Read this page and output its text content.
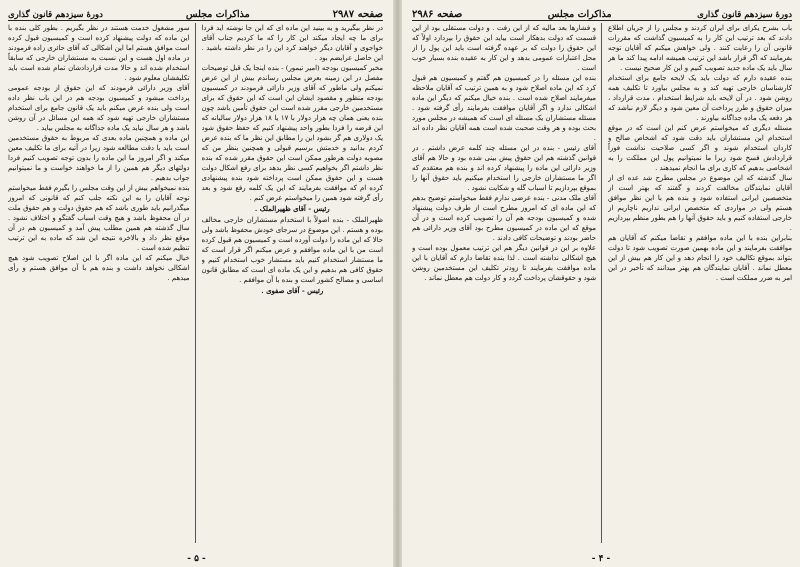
صفحه ۲۹۸۷
مذاکرات مجلس
دورهٔ سیزدهم قانون گذاری

در نظر بیگیرید و به بینید این ماده ای که این جا نوشته اید فردا برای ما چه ایجاد میکند این کار را که ما کردیم جناب آقای خواجوی و آقایان دیگر خواهند کرد این را در نظر داشته باشید . این حاصل عرایضم بود .

مخبر کمیسیون بودجه (امیر تیمور) - بنده اینجا یک قبل توضیحات مفصل در این زمینه بعرض مجلس رساندم بیش از این عرض نمیکنم ولی ماطور که آقای وزیر دارائی فرمودند در کمیسیون بودجه منظور و مقصود ایشان این است که این حقوق که برای مستخدمین خارجی مقرر شده است این حقوق تأمین باشد چون بنده یعنی همان چه هزار دولار با ۱۷ یا ۱۸ هزار دولار سالیانه که این قرضه را فردا بطور واحد پیشنهاد کنیم که حفظ حقوق شود یک دولاری هم گر بشود این را مطابق این نظر ما که بنده عرض کردم بدانید و خدمتش برسیم قبولی و همچنین بنظر من که مصوبه دولت هرطور ممکن است این حقوق مقرر شده که بنده نظر داشتم اگر بخواهیم کسی نظر بدهد برای رفع اشکال دولت هست و این حقوق ممکن است پرداخته شود بنده پیشنهادی کرده ام که موافقت بفرمایند که این یک کلمه رفع شود و بعد رأی گرفته شود همین را میخواستم عرض کنم .

رئیس - آقای ظهیرالملک .

ظهیرالملک - بنده اصولاً با استخدام مستشاران خارجی مخالف بوده و هستم . این موضوع در سرجای خودش محفوظ باشد ولی حالا که این ماده را دولت آورده است و کمیسیون هم قبول کرده است من با این ماده موافقم و عرض میکنم اگر قرار است که ما مستشار استخدام کنیم باید مستشار خوب استخدام کنیم و حقوق کافی هم بدهیم و این یک ماده ای است که مطابق قانون اساسی و مصالح کشور است و بنده با آن موافقم .

رئیس - آقای صفوی .

سور مشغول خدمت هستند در نظر بگیریم . بطور کلی بنده با این ماده که دولت پیشنهاد کرده است و کمیسیون قبول کرده است موافق هستم اما این اشکالی که آقای حائری زاده فرمودند در ماده اول هست و این نسبت به مستشاران خارجی که سابقاً استخدام شده اند و حالا مدت قراردادشان تمام شده است باید تکلیفشان معلوم شود .

آقای وزیر دارائی فرمودند که این حقوق از بودجه عمومی پرداخت میشود و کمیسیون بودجه هم در این باب نظر داده است ولی بنده عرض میکنم باید یک قانون جامع برای استخدام مستشاران خارجی تهیه شود که همه این مسائل در آن روشن باشد و هر سال نیاید یک ماده جداگانه به مجلس بیاید .

این ماده و همچنین ماده بعدی که مربوط به حقوق مستخدمین است باید با دقت مطالعه شود زیرا در آتیه برای ما تکلیف معین میکند و اگر امروز ما این ماده را بدون توجه تصویب کنیم فردا دولتهای دیگر هم همین را از ما خواهند خواست و ما نمیتوانیم جواب بدهیم .

بنده نمیخواهم بیش از این وقت مجلس را بگیرم فقط میخواستم توجه آقایان را به این نکته جلب کنم که قانونی که امروز میگذرانیم باید طوری باشد که هم حقوق دولت و هم حقوق ملت در آن محفوظ باشد و هیچ وقت اسباب گفتگو و اختلاف نشود . سال گذشته هم همین مطلب پیش آمد و کمیسیون هم در آن موقع نظر داد و بالاخره نتیجه این شد که ماده به این ترتیب تنظیم شده است .

خیال میکنم که این ماده اگر با این اصلاح تصویب شود هیچ اشکالی نخواهد داشت و بنده هم با آن موافق هستم و رأی میدهم .

- ۵ -
دورهٔ سیزدهم قانون گذاری
مذاکرات مجلس
صفحه ۲۹۸۶

باب بشرح یکرای برای ایران کردند و مجلس را از جریان اطلاع دادند که بعد ترتیب این کار را به کمیسیون گذاشت که مقررات قانونی آن را رعایت کنند . ولی خواهش میکنم که آقایان توجه بفرمایند که اگر قرار باشد این ترتیب همیشه ادامه پیدا کند ما هر سال باید یک ماده جدید تصویب کنیم و این کار صحیح نیست .

بنده عقیده دارم که دولت باید یک لایحه جامع برای استخدام کارشناسان خارجی تهیه کند و به مجلس بیاورد تا تکلیف همه روشن شود . در آن لایحه باید شرایط استخدام ، مدت قرارداد ، میزان حقوق و طرز پرداخت آن معین شود و دیگر لازم نباشد که هر دفعه یک ماده جداگانه بیاورند .

مسئله دیگری که میخواستم عرض کنم این است که در موقع استخدام این مستشاران باید دقت شود که اشخاص صالح و کاردان استخدام شوند و اگر کسی صلاحیت نداشت فوراً قراردادش فسخ شود زیرا ما نمیتوانیم پول این مملکت را به اشخاصی بدهیم که کاری برای ما انجام نمیدهند .

سال گذشته که این موضوع در مجلس مطرح شد عده ای از آقایان نمایندگان مخالفت کردند و گفتند که بهتر است از متخصصین ایرانی استفاده شود و بنده هم با این نظر موافق هستم ولی در مواردی که متخصص ایرانی نداریم ناچاریم از خارجی استفاده کنیم و باید حقوق آنها را هم بطور منظم بپردازیم .

بنابراین بنده با این ماده موافقم و تقاضا میکنم که آقایان هم موافقت بفرمایند و این ماده بهمین صورت تصویب شود تا دولت بتواند بموقع تکالیف خود را انجام دهد و این کار هم بیش از این معطل نماند . آقایان نمایندگان هم بهتر میدانند که تأخیر در این امر به ضرر مملکت است .

و فشارها بعد مالیه که از این رفت . و دولت مستقلی بود از این قسمت که دولت بدهکار است بیاید این حقوق را بپردازد اولاً که این حقوق را دولت که بر عهده گرفته است باید این پول را از محل اعتبارات عمومی بدهد و این کار به عقیده بنده بسیار خوب است .

بنده این مسئله را در کمیسیون هم گفتم و کمیسیون هم قبول کرد که این ماده اصلاح شود و به همین ترتیب که آقایان ملاحظه میفرمایند اصلاح شده است . بنده خیال میکنم که دیگر این ماده اشکالی ندارد و اگر آقایان موافقت بفرمایند رأی گرفته شود . مسئله مستشاران یک مسئله ای است که همیشه در مجلس مورد بحث بوده و هر وقت صحبت شده است همه آقایان نظر داده اند .

آقای رئیس - بنده در این مسئله چند کلمه عرض داشتم . در قوانین گذشته هم این حقوق پیش بینی شده بود و حالا هم آقای وزیر دارائی این ماده را پیشنهاد کرده اند و بنده هم معتقدم که اگر ما مستشاران خارجی را استخدام میکنیم باید حقوق آنها را بموقع بپردازیم تا اسباب گله و شکایت نشود .

آقای ملک مدنی - بنده عرضی ندارم فقط میخواستم توضیح بدهم که این ماده ای که امروز مطرح است از طرف دولت پیشنهاد شده و کمیسیون بودجه هم آن را تصویب کرده است و در آن موقع که این ماده در کمیسیون مطرح بود آقای وزیر دارائی هم حاضر بودند و توضیحات کافی دادند .

علاوه بر این در قوانین دیگر هم این ترتیب معمول بوده است و هیچ اشکالی نداشته است . لذا بنده تقاضا دارم که آقایان با این ماده موافقت بفرمایند تا زودتر تکلیف این مستخدمین روشن شود و حقوقشان پرداخت گردد و کار دولت هم معطل نماند .

- ۴ -
